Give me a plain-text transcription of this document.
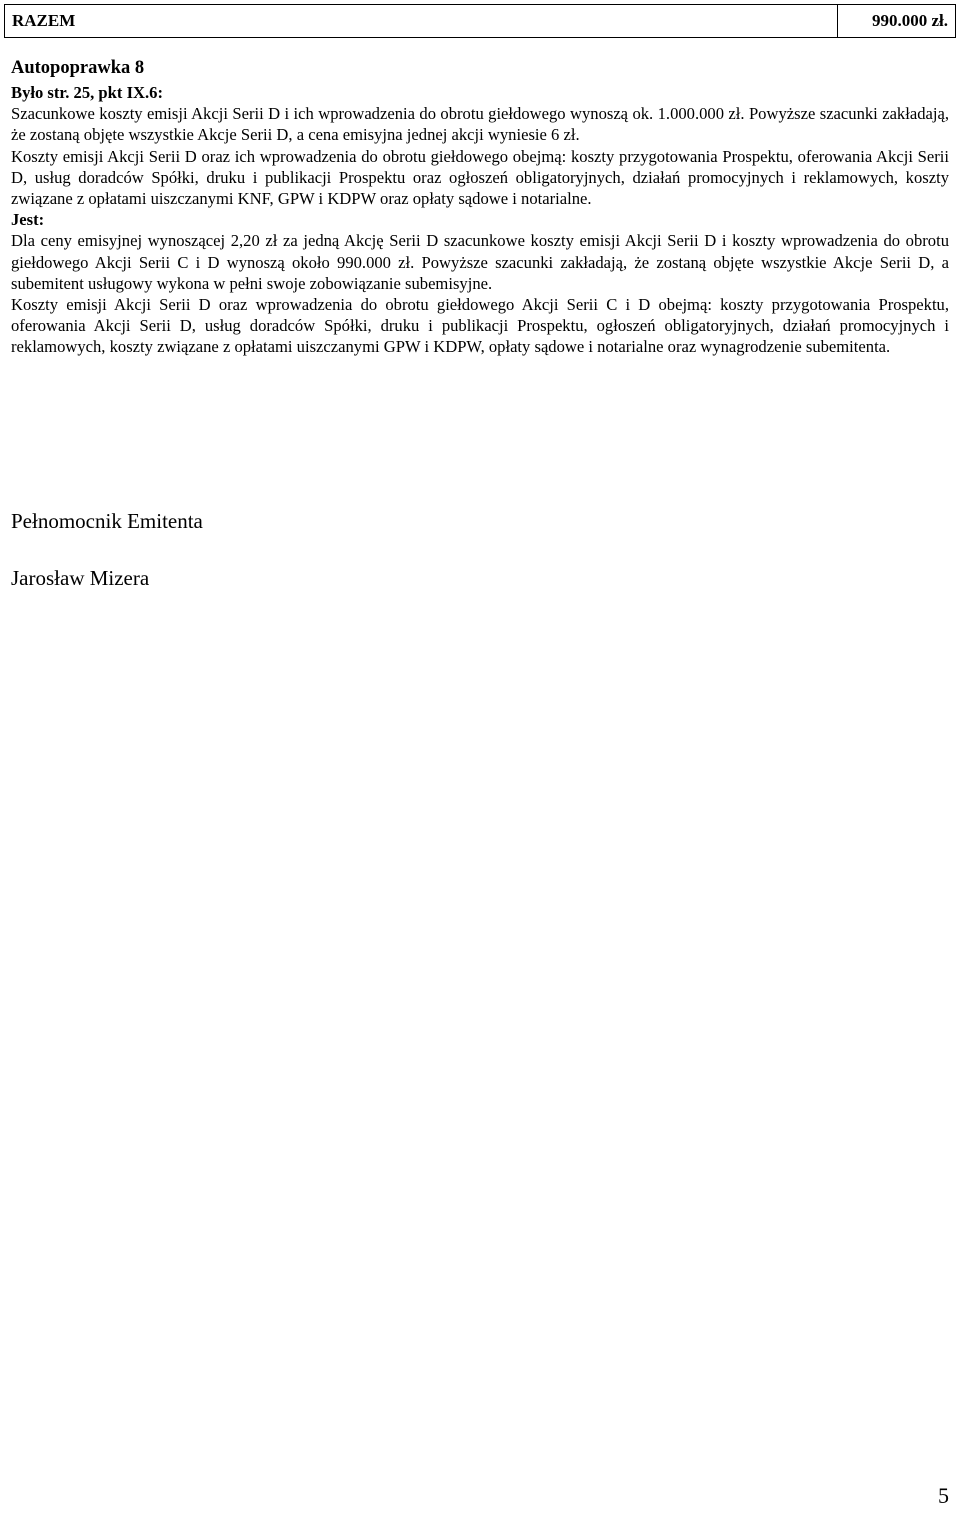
RAZEM	990.000 zł.

Autopoprawka 8

Było str. 25, pkt IX.6:

Szacunkowe koszty emisji Akcji Serii D i ich wprowadzenia do obrotu giełdowego wynoszą ok. 1.000.000 zł. Powyższe szacunki zakładają, że zostaną objęte wszystkie Akcje Serii D, a cena emisyjna jednej akcji wyniesie 6 zł.

Koszty emisji Akcji Serii D oraz ich wprowadzenia do obrotu giełdowego obejmą: koszty przygotowania Prospektu, oferowania Akcji Serii D, usług doradców Spółki, druku i publikacji Prospektu oraz ogłoszeń obligatoryjnych, działań promocyjnych i reklamowych, koszty związane z opłatami uiszczanymi KNF, GPW i KDPW oraz opłaty sądowe i notarialne.

Jest:

Dla ceny emisyjnej wynoszącej 2,20 zł za jedną Akcję Serii D szacunkowe koszty emisji Akcji Serii D i koszty wprowadzenia do obrotu giełdowego Akcji Serii C i D wynoszą około 990.000 zł. Powyższe szacunki zakładają, że zostaną objęte wszystkie Akcje Serii D, a subemitent usługowy wykona w pełni swoje zobowiązanie subemisyjne.

Koszty emisji Akcji Serii D oraz wprowadzenia do obrotu giełdowego Akcji Serii C i D obejmą: koszty przygotowania Prospektu, oferowania Akcji Serii D, usług doradców Spółki, druku i publikacji Prospektu, ogłoszeń obligatoryjnych, działań promocyjnych i reklamowych, koszty związane z opłatami uiszczanymi GPW i KDPW, opłaty sądowe i notarialne oraz wynagrodzenie subemitenta.

Pełnomocnik Emitenta
Jarosław Mizera
5
